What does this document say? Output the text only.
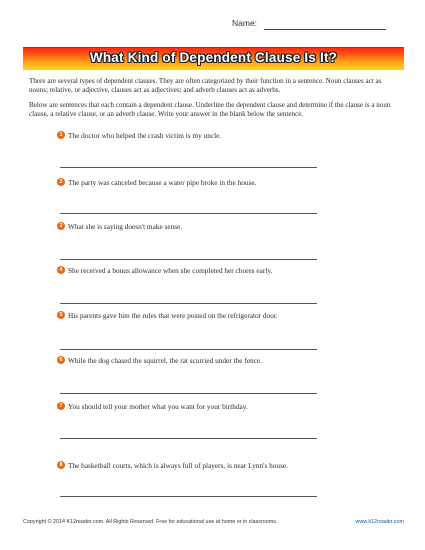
Name:
What Kind of Dependent Clause Is It?
There are several types of dependent clauses. They are often categorized by their function in a sentence. Noun clauses act as nouns; relative, or adjective, clauses act as adjectives; and adverb clauses act as adverbs.
Below are sentences that each contain a dependent clause. Underline the dependent clause and determine if the clause is a noun clause, a relative clause, or an adverb clause. Write your answer in the blank below the sentence.
1 The doctor who helped the crash victim is my uncle.
2 The party was canceled because a water pipe broke in the house.
3 What she is saying doesn't make sense.
4 She received a bonus allowance when she completed her chores early.
5 His parents gave him the rules that were posted on the refrigerator door.
6 While the dog chased the squirrel, the rat scurried under the fence.
7 You should tell your mother what you want for your birthday.
8 The basketball courts, which is always full of players, is near Lynn's house.
Copyright © 2014 K12reader.com. All Rights Reserved. Free for educational use at home or in classrooms.	www.k12reader.com
